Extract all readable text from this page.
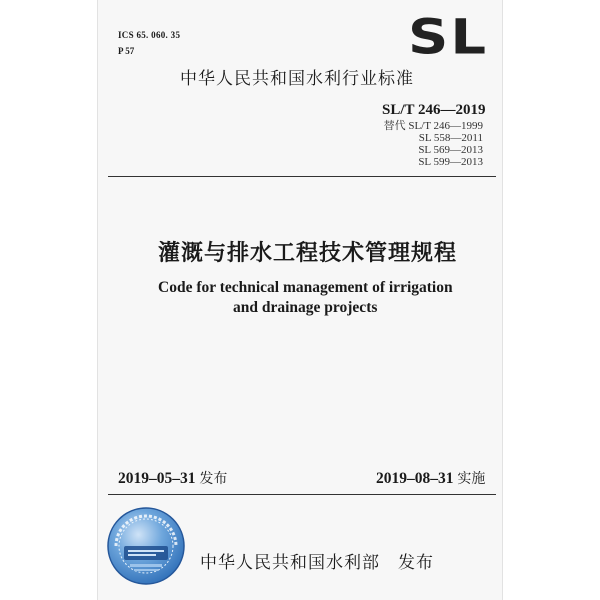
ICS 65. 060. 35
P 57	SL
中华人民共和国水利行业标准
SL/T 246—2019
替代 SL/T 246—1999
SL 558—2011
SL 569—2013
SL 599—2013
灌溉与排水工程技术管理规程
Code for technical management of irrigation
and drainage projects
2019–05–31 发布	2019–08–31 实施
中华人民共和国水利部 发布
